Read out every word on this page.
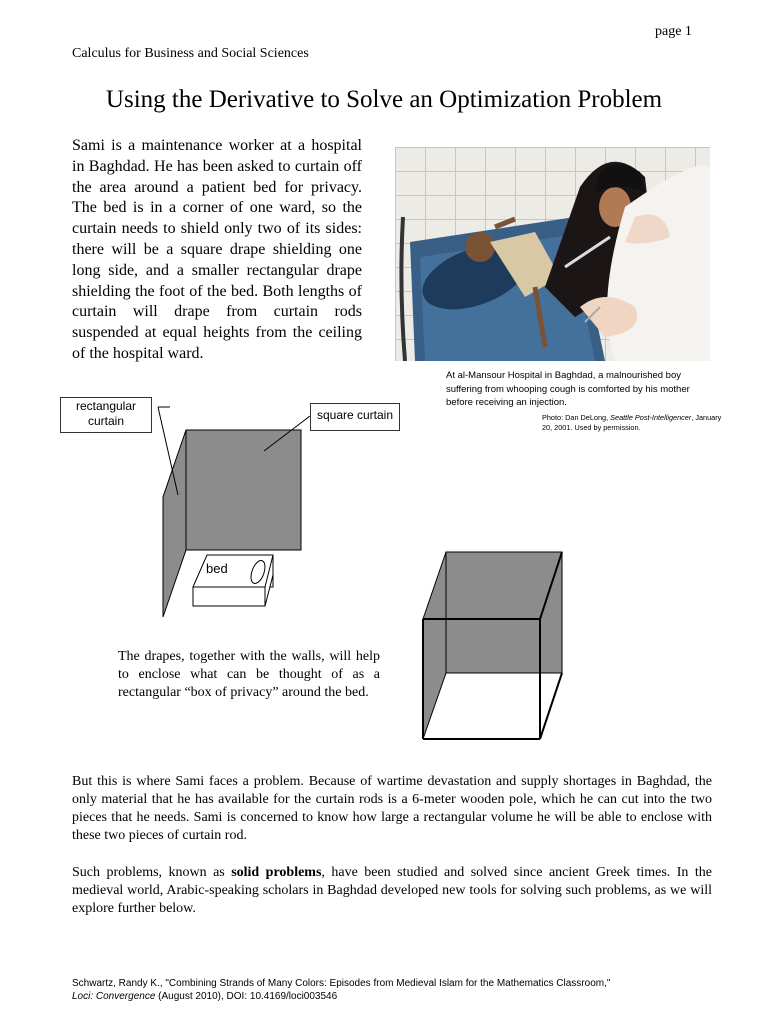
page 1
Calculus for Business and Social Sciences
Using the Derivative to Solve an Optimization Problem

Sami is a maintenance worker at a hospital in Baghdad. He has been asked to curtain off the area around a patient bed for privacy. The bed is in a corner of one ward, so the curtain needs to shield only two of its sides: there will be a square drape shielding one long side, and a smaller rectangular drape shielding the foot of the bed. Both lengths of curtain will drape from curtain rods suspended at equal heights from the ceiling of the hospital ward.

At al-Mansour Hospital in Baghdad, a malnourished boy suffering from whooping cough is comforted by his mother before receiving an injection.
Photo: Dan DeLong, Seattle Post-Intelligencer, January 20, 2001. Used by permission.
rectangular curtain	square curtain
bed

The drapes, together with the walls, will help to enclose what can be thought of as a rectangular “box of privacy” around the bed.

But this is where Sami faces a problem. Because of wartime devastation and supply shortages in Baghdad, the only material that he has available for the curtain rods is a 6-meter wooden pole, which he can cut into the two pieces that he needs. Sami is concerned to know how large a rectangular volume he will be able to enclose with these two pieces of curtain rod.

Such problems, known as solid problems, have been studied and solved since ancient Greek times. In the medieval world, Arabic-speaking scholars in Baghdad developed new tools for solving such problems, as we will explore further below.

Schwartz, Randy K., "Combining Strands of Many Colors: Episodes from Medieval Islam for the Mathematics Classroom,"
Loci: Convergence (August 2010), DOI: 10.4169/loci003546
